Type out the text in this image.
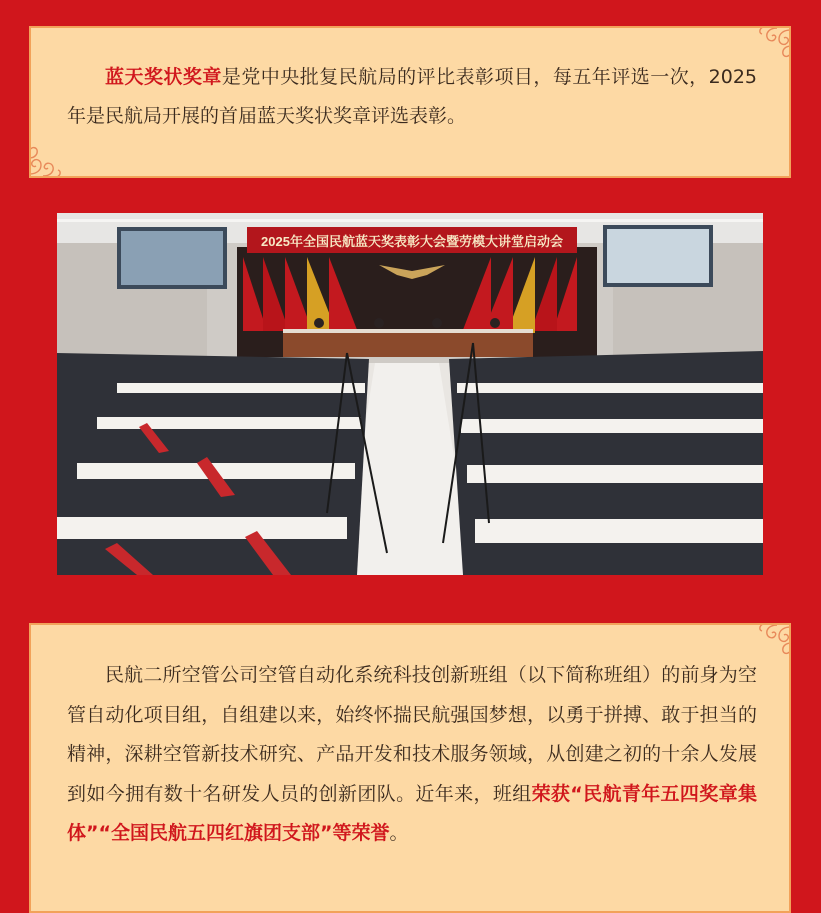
蓝天奖状奖章是党中央批复民航局的评比表彰项目，每五年评选一次，2025年是民航局开展的首届蓝天奖状奖章评选表彰。

2025年全国民航蓝天奖表彰大会暨劳模大讲堂启动会

民航二所空管公司空管自动化系统科技创新班组（以下简称班组）的前身为空管自动化项目组，自组建以来，始终怀揣民航强国梦想，以勇于拼搏、敢于担当的精神，深耕空管新技术研究、产品开发和技术服务领域，从创建之初的十余人发展到如今拥有数十名研发人员的创新团队。近年来，班组荣获“民航青年五四奖章集体”“全国民航五四红旗团支部”等荣誉。
